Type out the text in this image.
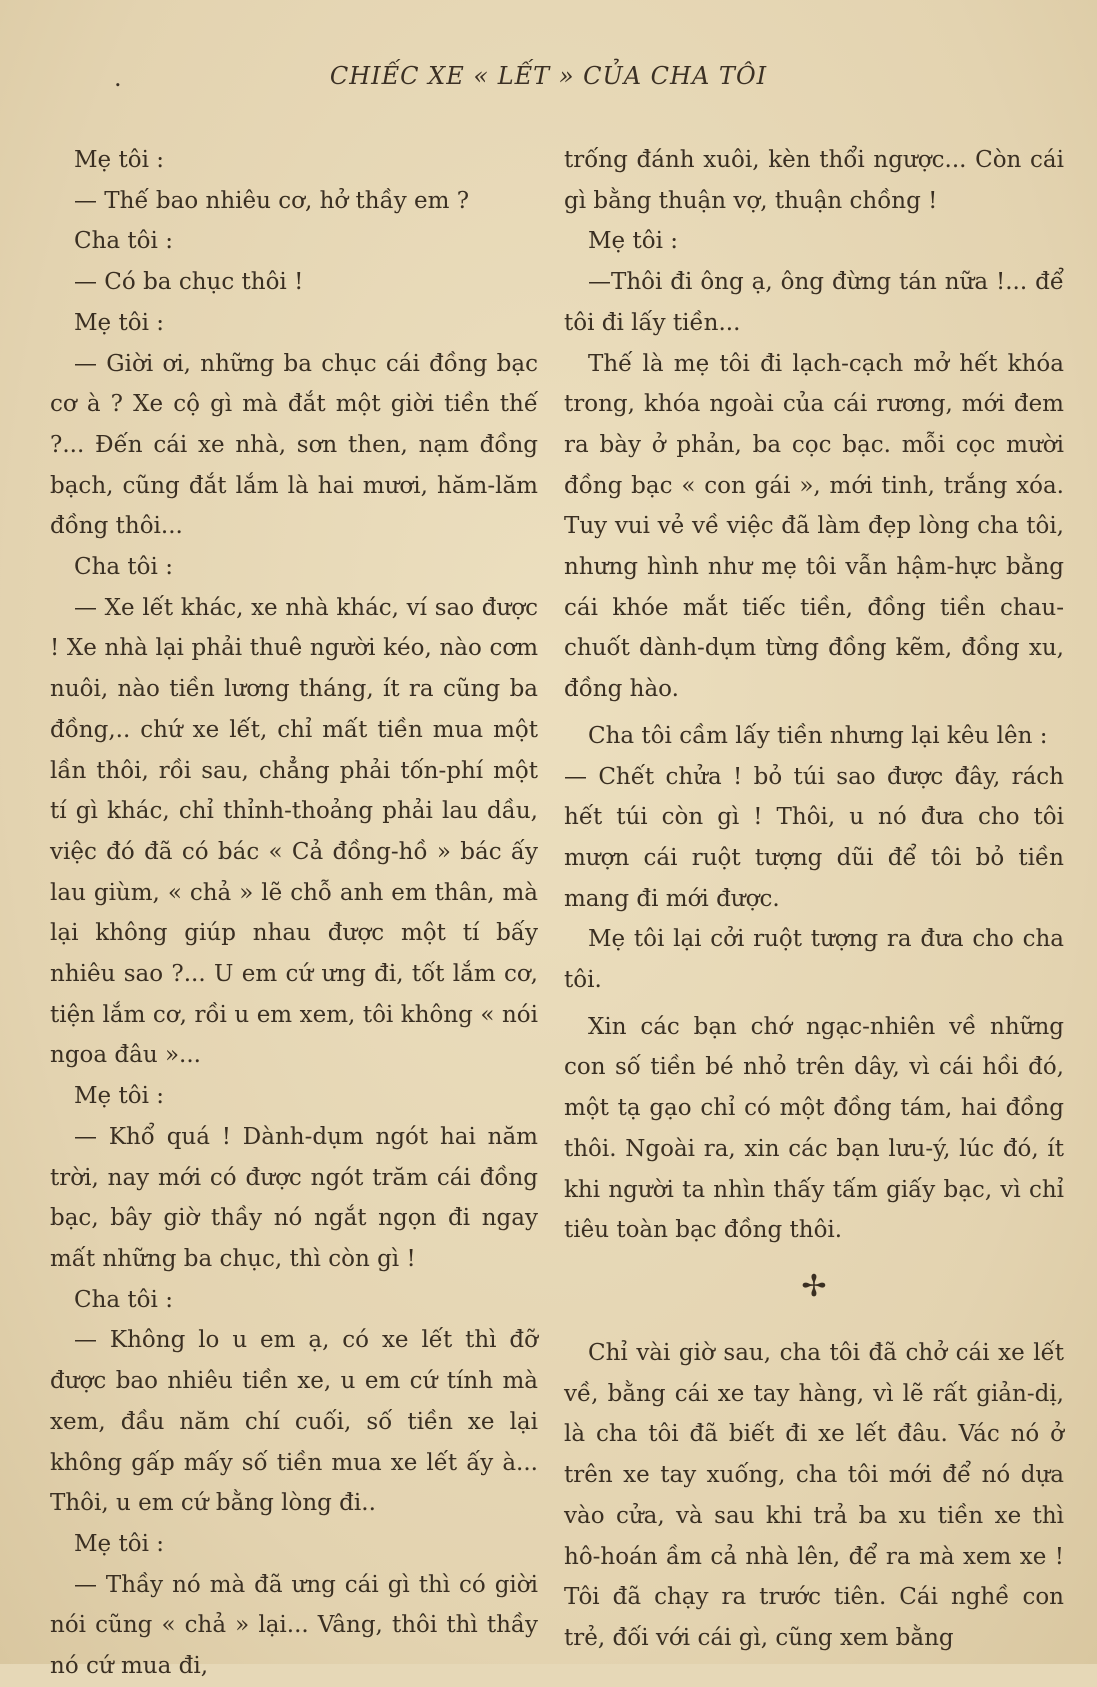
.	CHIẾC XE « LẾT » CỦA CHA TÔI

Mẹ tôi :

— Thế bao nhiêu cơ, hở thầy em ?

Cha tôi :

— Có ba chục thôi !

Mẹ tôi :

— Giời ơi, những ba chục cái đồng bạc cơ à ? Xe cộ gì mà đắt một giời tiền thế ?... Đến cái xe nhà, sơn then, nạm đồng bạch, cũng đắt lắm là hai mươi, hăm-lăm đồng thôi...

Cha tôi :

— Xe lết khác, xe nhà khác, ví sao được ! Xe nhà lại phải thuê người kéo, nào cơm nuôi, nào tiền lương tháng, ít ra cũng ba đồng,.. chứ xe lết, chỉ mất tiền mua một lần thôi, rồi sau, chẳng phải tốn-phí một tí gì khác, chỉ thỉnh-thoảng phải lau dầu, việc đó đã có bác « Cả đồng-hồ » bác ấy lau giùm, « chả » lẽ chỗ anh em thân, mà lại không giúp nhau được một tí bấy nhiêu sao ?... U em cứ ưng đi, tốt lắm cơ, tiện lắm cơ, rồi u em xem, tôi không « nói ngoa đâu »...

Mẹ tôi :

— Khổ quá ! Dành-dụm ngót hai năm trời, nay mới có được ngót trăm cái đồng bạc, bây giờ thầy nó ngắt ngọn đi ngay mất những ba chục, thì còn gì !

Cha tôi :

— Không lo u em ạ, có xe lết thì đỡ được bao nhiêu tiền xe, u em cứ tính mà xem, đầu năm chí cuối, số tiền xe lại không gấp mấy số tiền mua xe lết ấy à... Thôi, u em cứ bằng lòng đi..

Mẹ tôi :

— Thầy nó mà đã ưng cái gì thì có giời nói cũng « chả » lại... Vâng, thôi thì thầy nó cứ mua đi,

trống đánh xuôi, kèn thổi ngược... Còn cái gì bằng thuận vợ, thuận chồng !

Mẹ tôi :

—Thôi đi ông ạ, ông đừng tán nữa !... để tôi đi lấy tiền...

Thế là mẹ tôi đi lạch-cạch mở hết khóa trong, khóa ngoài của cái rương, mới đem ra bày ở phản, ba cọc bạc. mỗi cọc mười đồng bạc « con gái », mới tinh, trắng xóa. Tuy vui vẻ về việc đã làm đẹp lòng cha tôi, nhưng hình như mẹ tôi vẫn hậm-hực bằng cái khóe mắt tiếc tiền, đồng tiền chau-chuốt dành-dụm từng đồng kẽm, đồng xu, đồng hào.

Cha tôi cầm lấy tiền nhưng lại kêu lên :

— Chết chửa ! bỏ túi sao được đây, rách hết túi còn gì ! Thôi, u nó đưa cho tôi mượn cái ruột tượng dũi để tôi bỏ tiền mang đi mới được.

Mẹ tôi lại cởi ruột tượng ra đưa cho cha tôi.

Xin các bạn chớ ngạc-nhiên về những con số tiền bé nhỏ trên dây, vì cái hồi đó, một tạ gạo chỉ có một đồng tám, hai đồng thôi. Ngoài ra, xin các bạn lưu-ý, lúc đó, ít khi người ta nhìn thấy tấm giấy bạc, vì chỉ tiêu toàn bạc đồng thôi.

✢

Chỉ vài giờ sau, cha tôi đã chở cái xe lết về, bằng cái xe tay hàng, vì lẽ rất giản-dị, là cha tôi đã biết đi xe lết đâu. Vác nó ở trên xe tay xuống, cha tôi mới để nó dựa vào cửa, và sau khi trả ba xu tiền xe thì hô-hoán ầm cả nhà lên, để ra mà xem xe ! Tôi đã chạy ra trước tiên. Cái nghề con trẻ, đối với cái gì, cũng xem bằng
